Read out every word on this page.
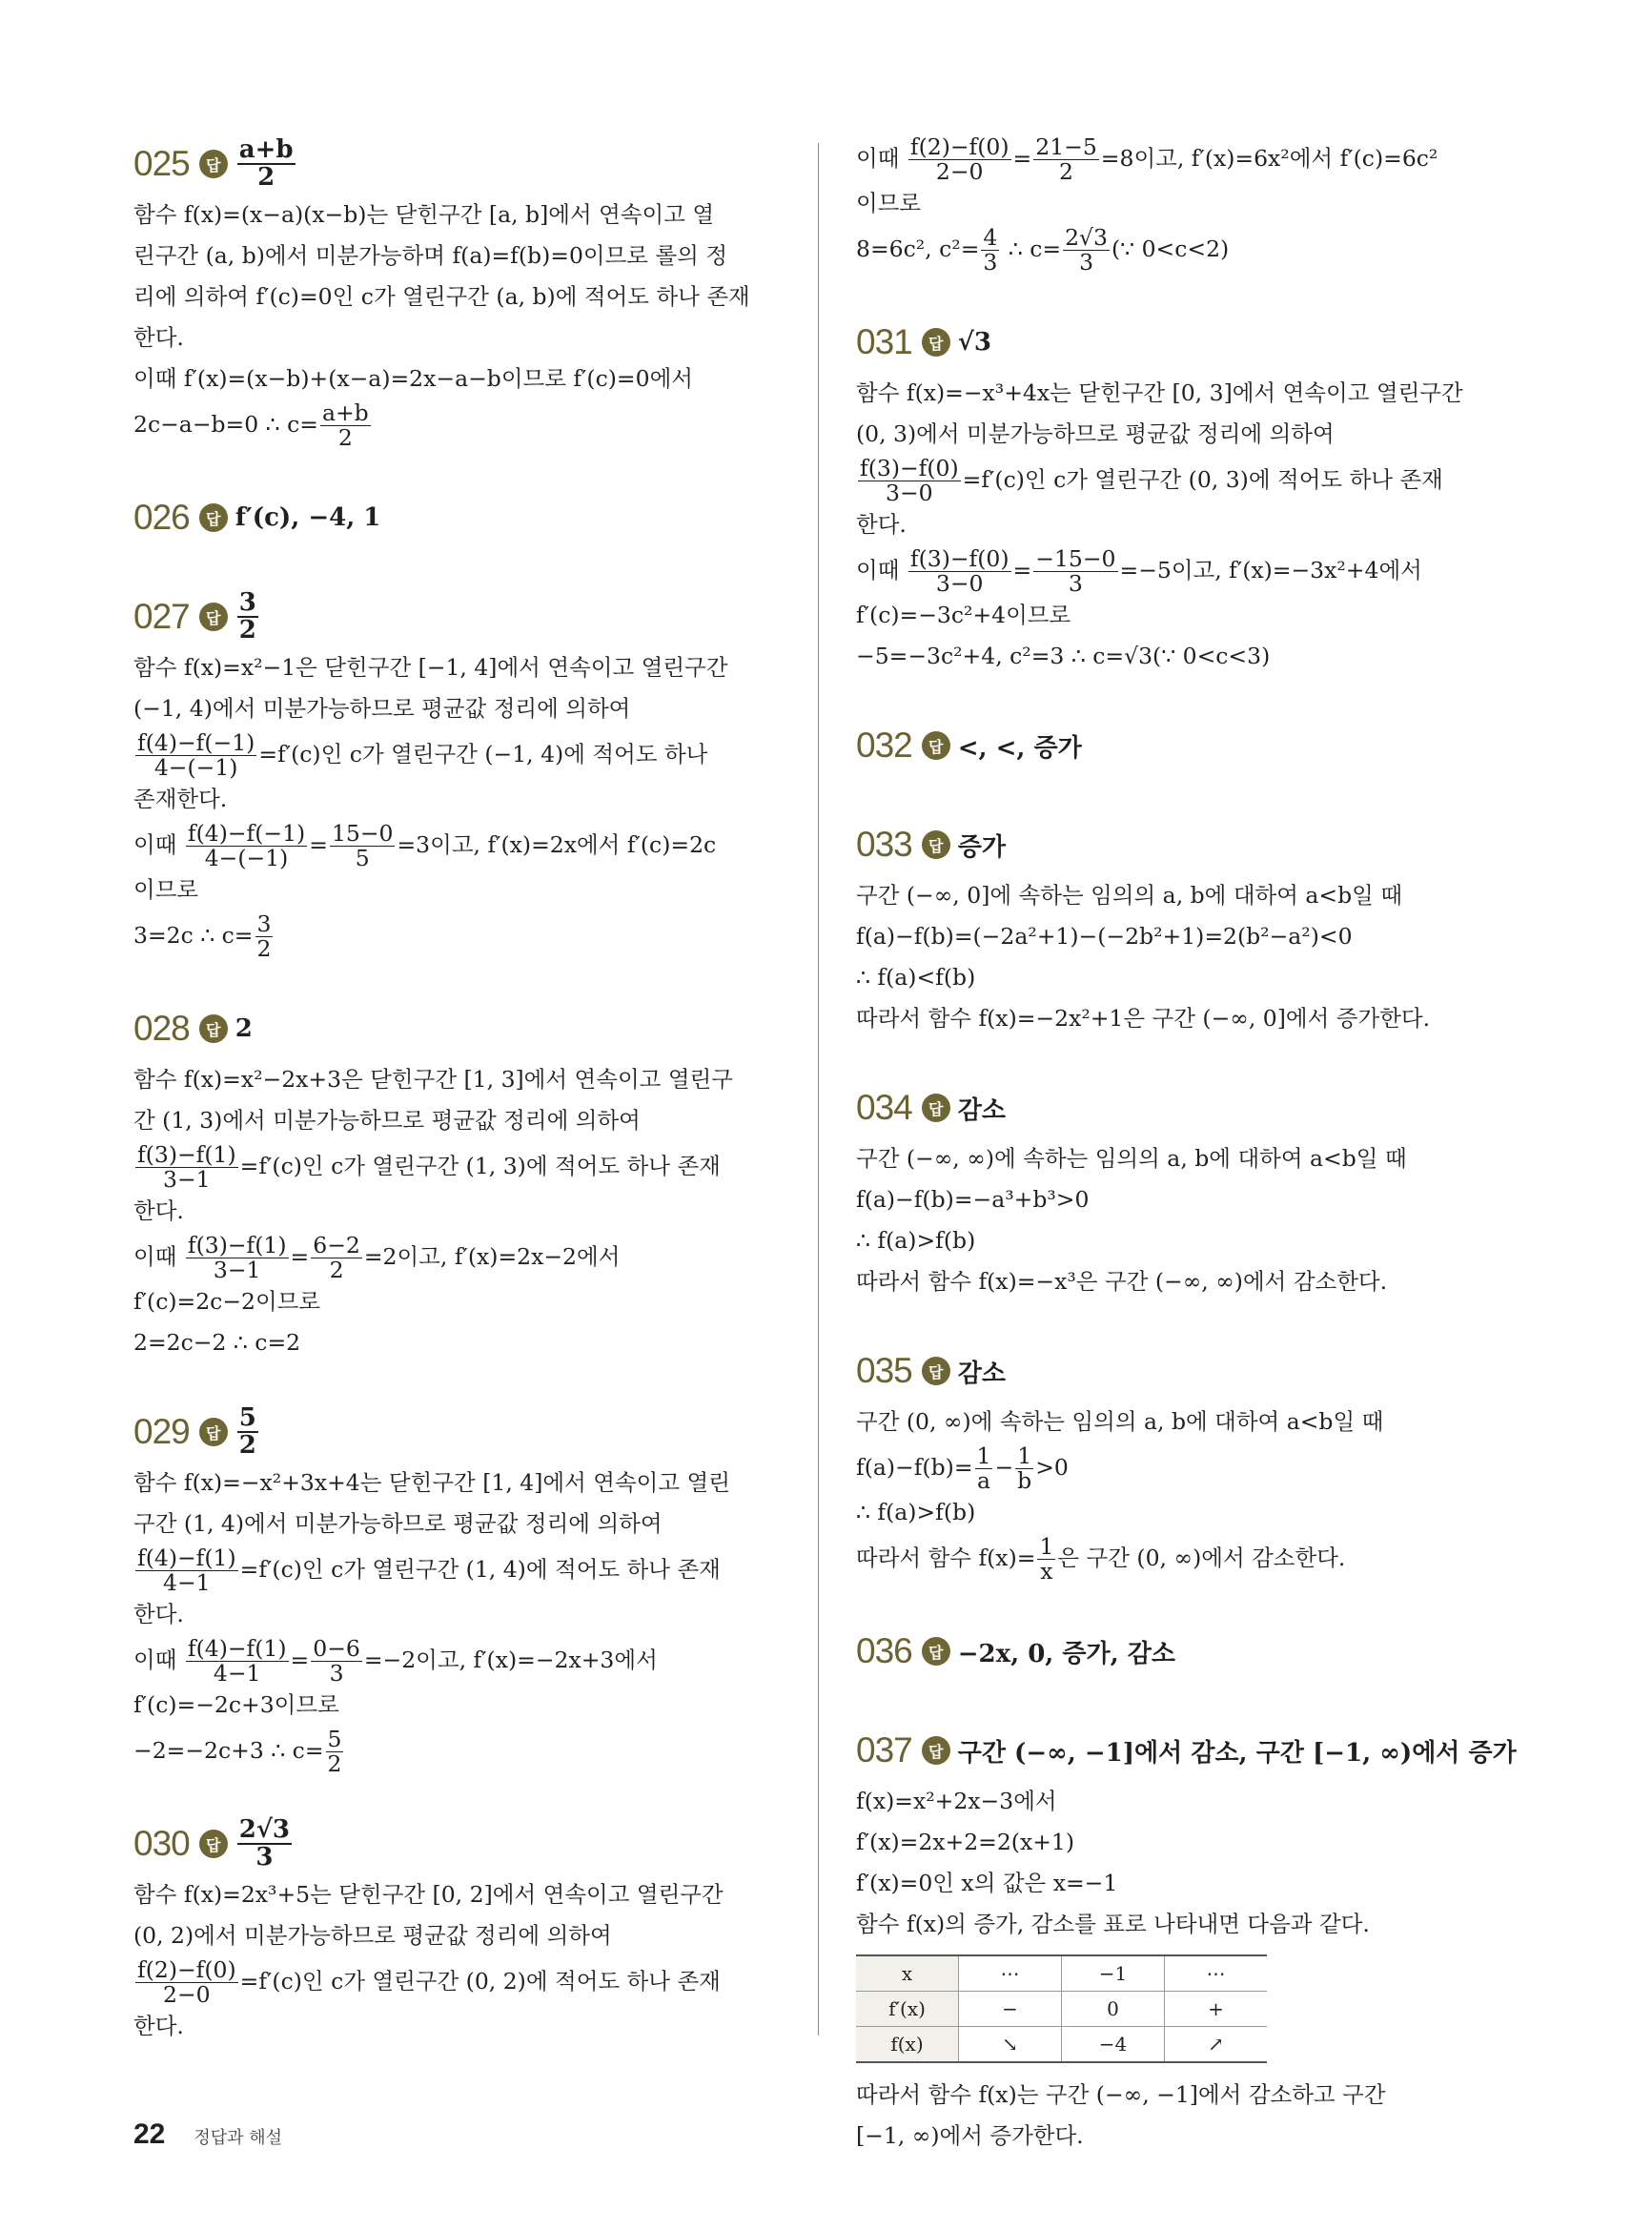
025	답 $\frac{a+b}{2}$
함수 f(x)=(x−a)(x−b)는 닫힌구간 [a, b]에서 연속이고 열
린구간 (a, b)에서 미분가능하며 f(a)=f(b)=0이므로 롤의 정
리에 의하여 f′(c)=0인 c가 열린구간 (a, b)에 적어도 하나 존재
한다.
이때 f′(x)=(x−b)+(x−a)=2x−a−b이므로 f′(c)=0에서
2c−a−b=0 ∴ $c= \frac{a+b}{2}$
026	답 f′(c), −4, 1
027	답 $\frac{3}{2}$
함수 f(x)=x²−1은 닫힌구간 [−1, 4]에서 연속이고 열린구간
(−1, 4)에서 미분가능하므로 평균값 정리에 의하여
$\frac{f(4)-f(-1)}{4-(-1)} =f'(c)$인 c가 열린구간 (−1, 4)에 적어도 하나
존재한다.
이때 $\frac{f(4)-f(-1)}{4-(-1)} = \frac{15-0}{5} =3$이고, f′(x)=2x에서 f′(c)=2c
이므로
3=2c ∴ $c= \frac{3}{2}$
028	답 2
함수 f(x)=x²−2x+3은 닫힌구간 [1, 3]에서 연속이고 열린구
간 (1, 3)에서 미분가능하므로 평균값 정리에 의하여
$\frac{f(3)-f(1)}{3-1} =f'(c)$인 c가 열린구간 (1, 3)에 적어도 하나 존재
한다.
이때 $\frac{f(3)-f(1)}{3-1} = \frac{6-2}{2} =2$이고, f′(x)=2x−2에서
f′(c)=2c−2이므로
2=2c−2 ∴ c=2
029	답 $\frac{5}{2}$
함수 f(x)=−x²+3x+4는 닫힌구간 [1, 4]에서 연속이고 열린
구간 (1, 4)에서 미분가능하므로 평균값 정리에 의하여
$\frac{f(4)-f(1)}{4-1} =f'(c)$인 c가 열린구간 (1, 4)에 적어도 하나 존재
한다.
이때 $\frac{f(4)-f(1)}{4-1} = \frac{0-6}{3} =-2$이고, f′(x)=−2x+3에서
f′(c)=−2c+3이므로
−2=−2c+3 ∴ $c= \frac{5}{2}$
030	답 $\frac{2√3}{3}$
함수 f(x)=2x³+5는 닫힌구간 [0, 2]에서 연속이고 열린구간
(0, 2)에서 미분가능하므로 평균값 정리에 의하여
$\frac{f(2)-f(0)}{2-0} =f'(c)$인 c가 열린구간 (0, 2)에 적어도 하나 존재
한다.
이때 $\frac{f(2)-f(0)}{2-0} = \frac{21-5}{2} =8$이고, f′(x)=6x²에서 f′(c)=6c²
이므로
8=6c², $c^2= \frac{4}{3}$ ∴ $c= \frac{2√3}{3}$ (∵ 0<c<2)
031	답 √3
함수 f(x)=−x³+4x는 닫힌구간 [0, 3]에서 연속이고 열린구간
(0, 3)에서 미분가능하므로 평균값 정리에 의하여
$\frac{f(3)-f(0)}{3-0} =f'(c)$인 c가 열린구간 (0, 3)에 적어도 하나 존재
한다.
이때 $\frac{f(3)-f(0)}{3-0} = \frac{-15-0}{3} =-5$이고, f′(x)=−3x²+4에서
f′(c)=−3c²+4이므로
−5=−3c²+4, c²=3 ∴ c=√3(∵ 0<c<3)
032	답 <, <, 증가
033	답 증가
구간 (−∞, 0]에 속하는 임의의 a, b에 대하여 a<b일 때
f(a)−f(b)=(−2a²+1)−(−2b²+1)=2(b²−a²)<0
∴ f(a)<f(b)
따라서 함수 f(x)=−2x²+1은 구간 (−∞, 0]에서 증가한다.
034	답 감소
구간 (−∞, ∞)에 속하는 임의의 a, b에 대하여 a<b일 때
f(a)−f(b)=−a³+b³>0
∴ f(a)>f(b)
따라서 함수 f(x)=−x³은 구간 (−∞, ∞)에서 감소한다.
035	답 감소
구간 (0, ∞)에 속하는 임의의 a, b에 대하여 a<b일 때
$f(a)-f(b)= \frac{1}{a} - \frac{1}{b} >0$
∴ f(a)>f(b)
따라서 함수 $f(x)= \frac{1}{x}$ 은 구간 (0, ∞)에서 감소한다.
036	답 −2x, 0, 증가, 감소
037	답 구간 (−∞, −1]에서 감소, 구간 [−1, ∞)에서 증가
f(x)=x²+2x−3에서
f′(x)=2x+2=2(x+1)
f′(x)=0인 x의 값은 x=−1
함수 f(x)의 증가, 감소를 표로 나타내면 다음과 같다.
x	⋯	−1	⋯
f′(x)	−	0	+
f(x)	↘	−4	↗
따라서 함수 f(x)는 구간 (−∞, −1]에서 감소하고 구간
[−1, ∞)에서 증가한다.
22 정답과 해설
